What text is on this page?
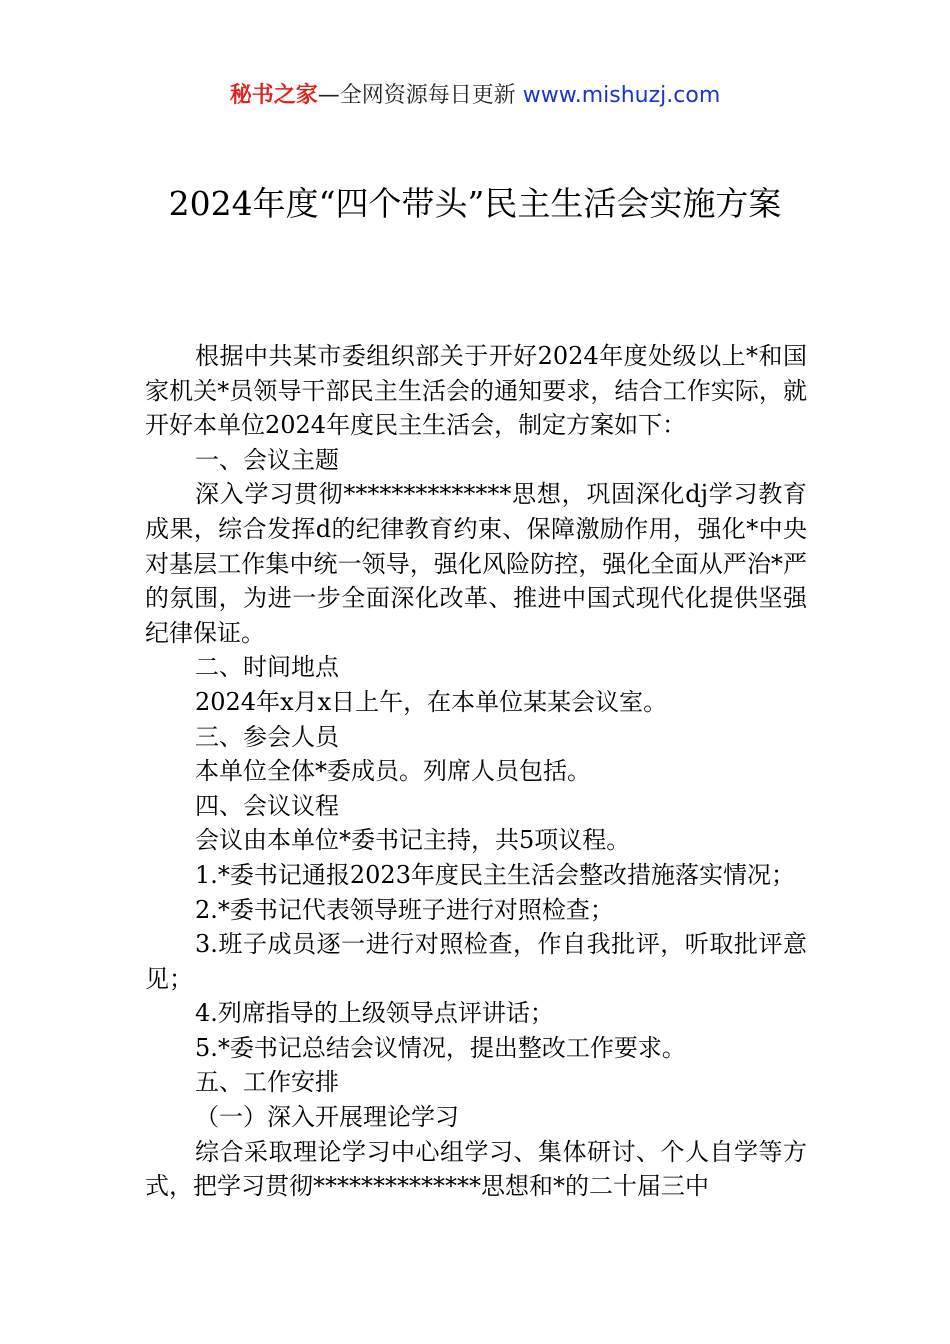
秘书之家—全网资源每日更新 www.mishuzj.com
2024年度“四个带头”民主生活会实施方案

根据中共某市委组织部关于开好2024年度处级以上*和国家机关*员领导干部民主生活会的通知要求，结合工作实际，就开好本单位2024年度民主生活会，制定方案如下：

一、会议主题

深入学习贯彻**************思想，巩固深化dj学习教育成果，综合发挥d的纪律教育约束、保障激励作用，强化*中央对基层工作集中统一领导，强化风险防控，强化全面从严治*严的氛围，为进一步全面深化改革、推进中国式现代化提供坚强纪律保证。

二、时间地点

2024年x月x日上午，在本单位某某会议室。

三、参会人员

本单位全体*委成员。列席人员包括。

四、会议议程

会议由本单位*委书记主持，共5项议程。

1.*委书记通报2023年度民主生活会整改措施落实情况；

2.*委书记代表领导班子进行对照检查；

3.班子成员逐一进行对照检查，作自我批评，听取批评意见；

4.列席指导的上级领导点评讲话；

5.*委书记总结会议情况，提出整改工作要求。

五、工作安排

（一）深入开展理论学习

综合采取理论学习中心组学习、集体研讨、个人自学等方式，把学习贯彻**************思想和*的二十届三中
